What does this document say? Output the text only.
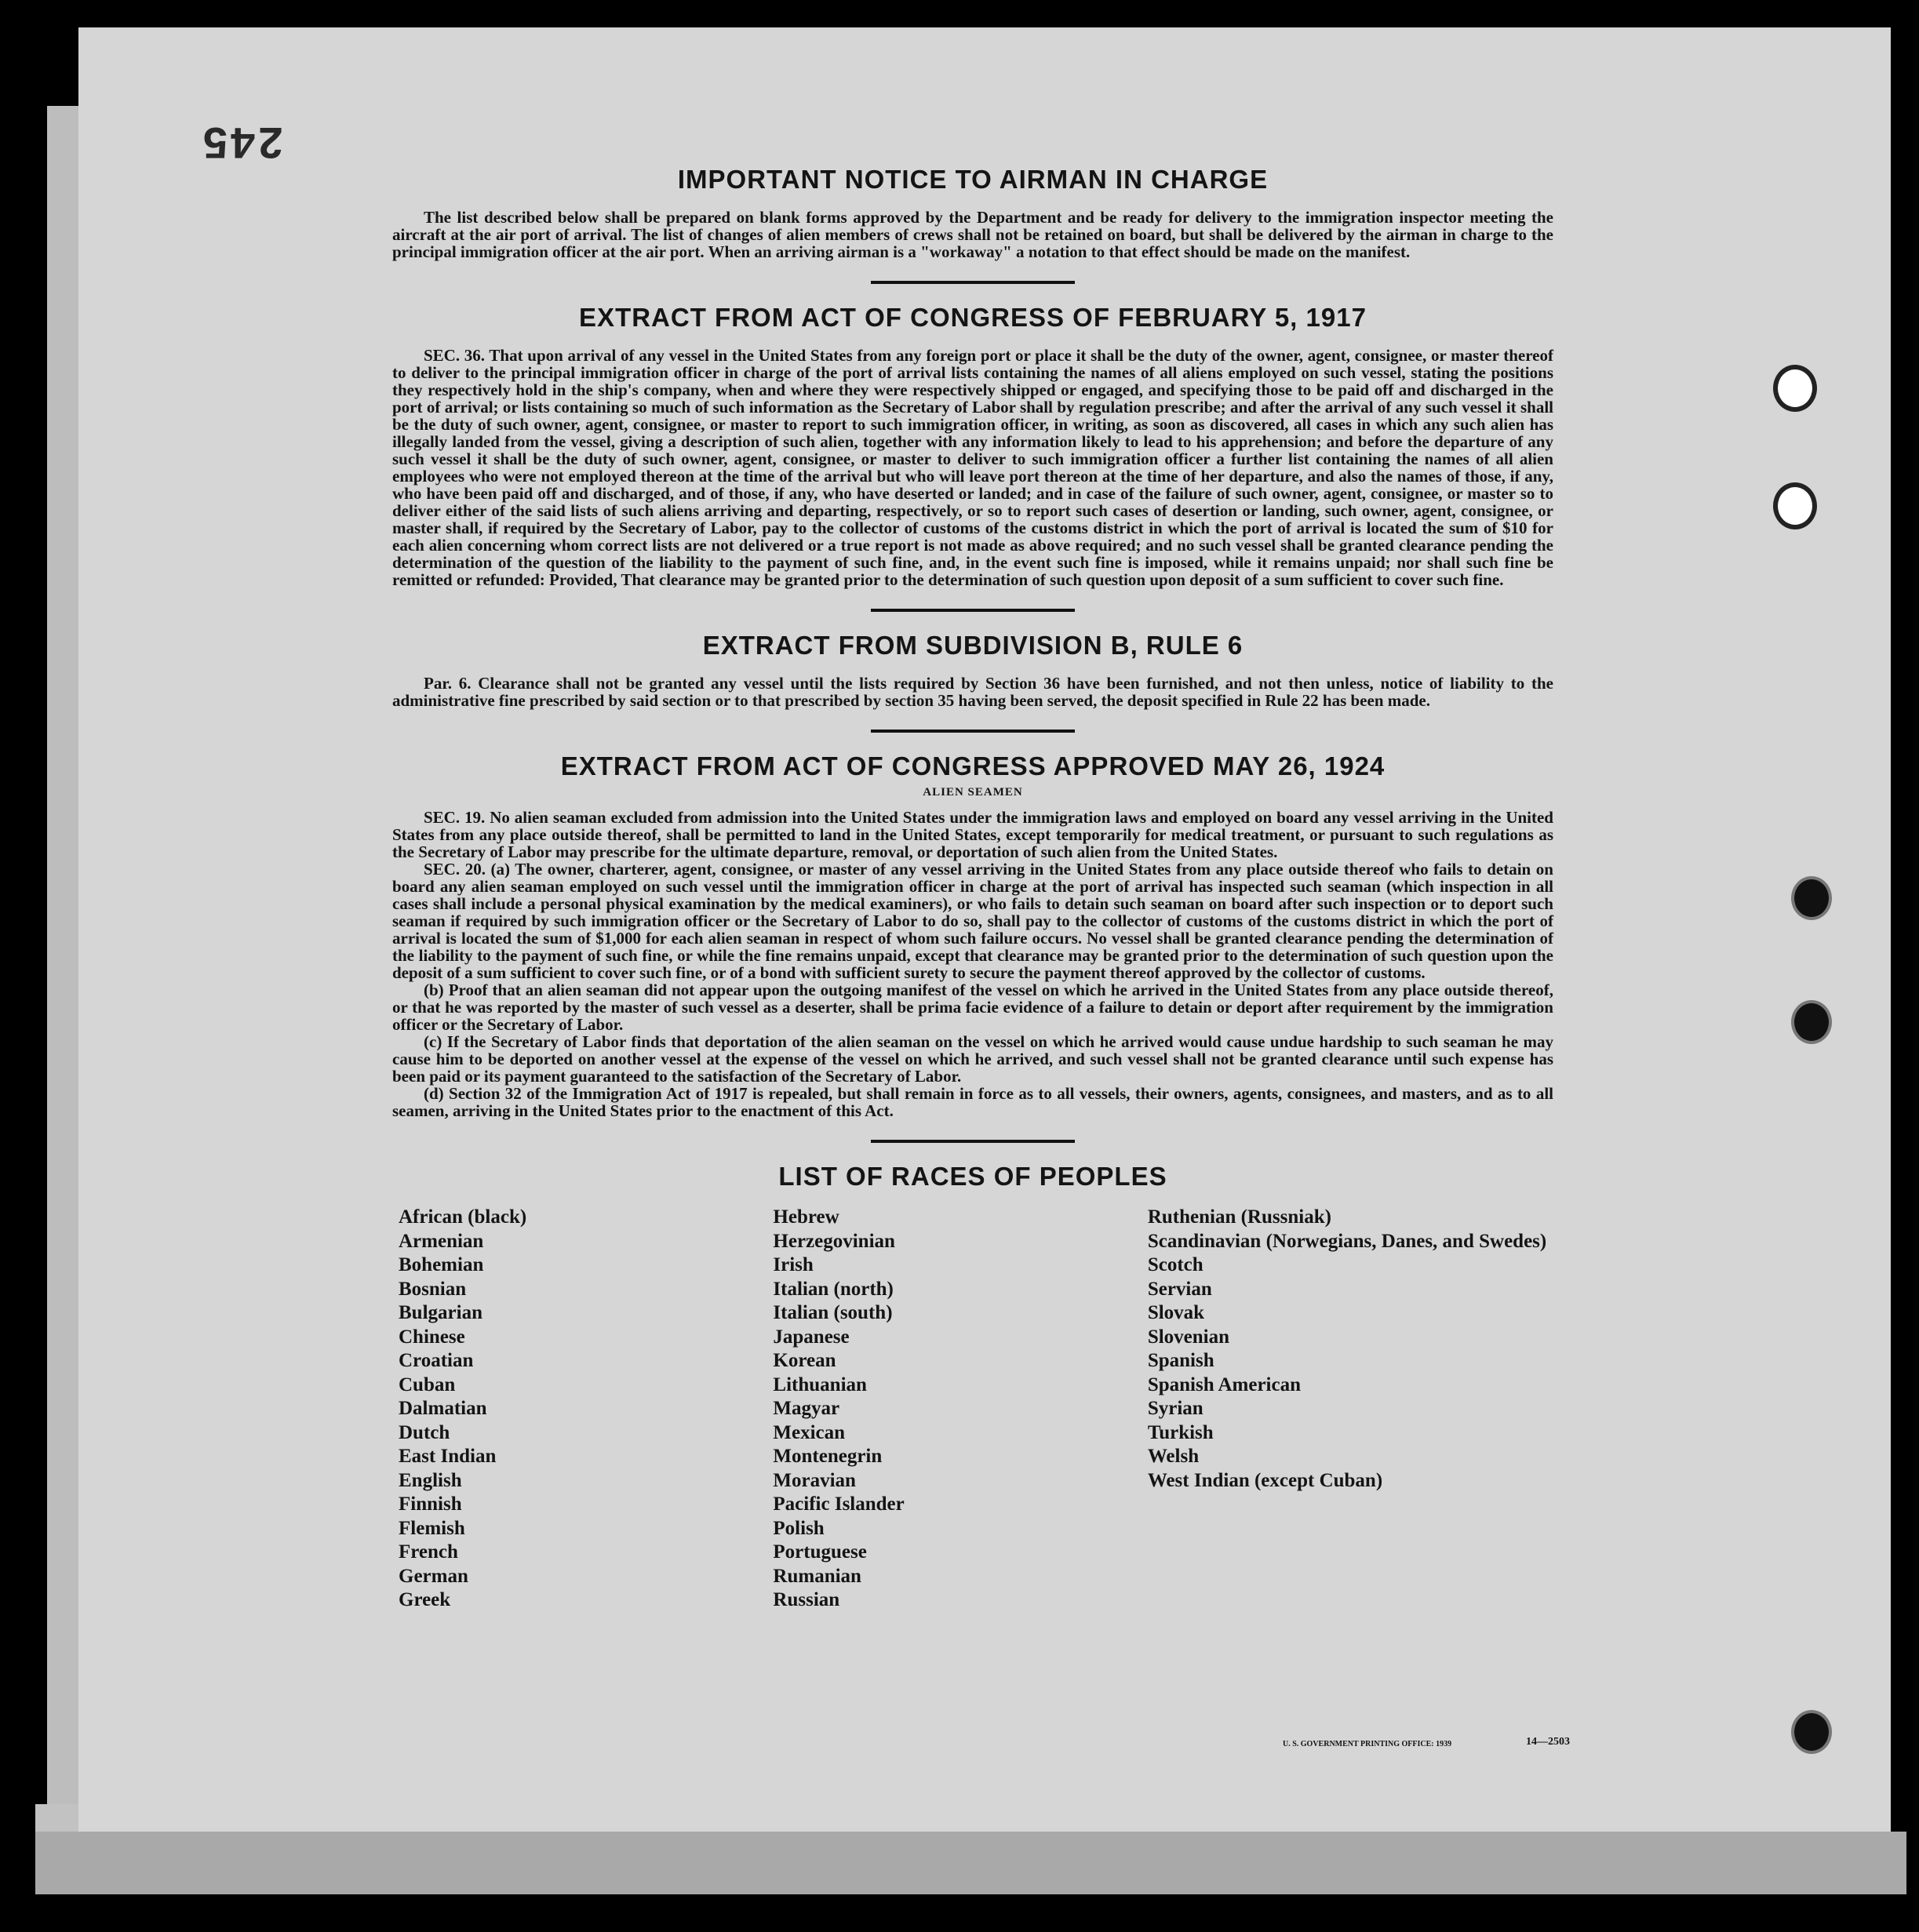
245
U. S. GOVERNMENT PRINTING OFFICE: 1939	14—2503
IMPORTANT NOTICE TO AIRMAN IN CHARGE

The list described below shall be prepared on blank forms approved by the Department and be ready for delivery to the immigration inspector meeting the aircraft at the air port of arrival. The list of changes of alien members of crews shall not be retained on board, but shall be delivered by the airman in charge to the principal immigration officer at the air port. When an arriving airman is a "workaway" a notation to that effect should be made on the manifest.

EXTRACT FROM ACT OF CONGRESS OF FEBRUARY 5, 1917

SEC. 36. That upon arrival of any vessel in the United States from any foreign port or place it shall be the duty of the owner, agent, consignee, or master thereof to deliver to the principal immigration officer in charge of the port of arrival lists containing the names of all aliens employed on such vessel, stating the positions they respectively hold in the ship's company, when and where they were respectively shipped or engaged, and specifying those to be paid off and discharged in the port of arrival; or lists containing so much of such information as the Secretary of Labor shall by regulation prescribe; and after the arrival of any such vessel it shall be the duty of such owner, agent, consignee, or master to report to such immigration officer, in writing, as soon as discovered, all cases in which any such alien has illegally landed from the vessel, giving a description of such alien, together with any information likely to lead to his apprehension; and before the departure of any such vessel it shall be the duty of such owner, agent, consignee, or master to deliver to such immigration officer a further list containing the names of all alien employees who were not employed thereon at the time of the arrival but who will leave port thereon at the time of her departure, and also the names of those, if any, who have been paid off and discharged, and of those, if any, who have deserted or landed; and in case of the failure of such owner, agent, consignee, or master so to deliver either of the said lists of such aliens arriving and departing, respectively, or so to report such cases of desertion or landing, such owner, agent, consignee, or master shall, if required by the Secretary of Labor, pay to the collector of customs of the customs district in which the port of arrival is located the sum of $10 for each alien concerning whom correct lists are not delivered or a true report is not made as above required; and no such vessel shall be granted clearance pending the determination of the question of the liability to the payment of such fine, and, in the event such fine is imposed, while it remains unpaid; nor shall such fine be remitted or refunded: Provided, That clearance may be granted prior to the determination of such question upon deposit of a sum sufficient to cover such fine.

EXTRACT FROM SUBDIVISION B, RULE 6

Par. 6. Clearance shall not be granted any vessel until the lists required by Section 36 have been furnished, and not then unless, notice of liability to the administrative fine prescribed by said section or to that prescribed by section 35 having been served, the deposit specified in Rule 22 has been made.

EXTRACT FROM ACT OF CONGRESS APPROVED MAY 26, 1924
ALIEN SEAMEN

SEC. 19. No alien seaman excluded from admission into the United States under the immigration laws and employed on board any vessel arriving in the United States from any place outside thereof, shall be permitted to land in the United States, except temporarily for medical treatment, or pursuant to such regulations as the Secretary of Labor may prescribe for the ultimate departure, removal, or deportation of such alien from the United States.

SEC. 20. (a) The owner, charterer, agent, consignee, or master of any vessel arriving in the United States from any place outside thereof who fails to detain on board any alien seaman employed on such vessel until the immigration officer in charge at the port of arrival has inspected such seaman (which inspection in all cases shall include a personal physical examination by the medical examiners), or who fails to detain such seaman on board after such inspection or to deport such seaman if required by such immigration officer or the Secretary of Labor to do so, shall pay to the collector of customs of the customs district in which the port of arrival is located the sum of $1,000 for each alien seaman in respect of whom such failure occurs. No vessel shall be granted clearance pending the determination of the liability to the payment of such fine, or while the fine remains unpaid, except that clearance may be granted prior to the determination of such question upon the deposit of a sum sufficient to cover such fine, or of a bond with sufficient surety to secure the payment thereof approved by the collector of customs.

(b) Proof that an alien seaman did not appear upon the outgoing manifest of the vessel on which he arrived in the United States from any place outside thereof, or that he was reported by the master of such vessel as a deserter, shall be prima facie evidence of a failure to detain or deport after requirement by the immigration officer or the Secretary of Labor.

(c) If the Secretary of Labor finds that deportation of the alien seaman on the vessel on which he arrived would cause undue hardship to such seaman he may cause him to be deported on another vessel at the expense of the vessel on which he arrived, and such vessel shall not be granted clearance until such expense has been paid or its payment guaranteed to the satisfaction of the Secretary of Labor.

(d) Section 32 of the Immigration Act of 1917 is repealed, but shall remain in force as to all vessels, their owners, agents, consignees, and masters, and as to all seamen, arriving in the United States prior to the enactment of this Act.

LIST OF RACES OF PEOPLES
African (black)
Armenian
Bohemian
Bosnian
Bulgarian
Chinese
Croatian
Cuban
Dalmatian
Dutch
East Indian
English
Finnish
Flemish
French
German
Greek
Hebrew
Herzegovinian
Irish
Italian (north)
Italian (south)
Japanese
Korean
Lithuanian
Magyar
Mexican
Montenegrin
Moravian
Pacific Islander
Polish
Portuguese
Rumanian
Russian
Ruthenian (Russniak)
Scandinavian (Norwegians, Danes, and Swedes)
Scotch
Servian
Slovak
Slovenian
Spanish
Spanish American
Syrian
Turkish
Welsh
West Indian (except Cuban)
